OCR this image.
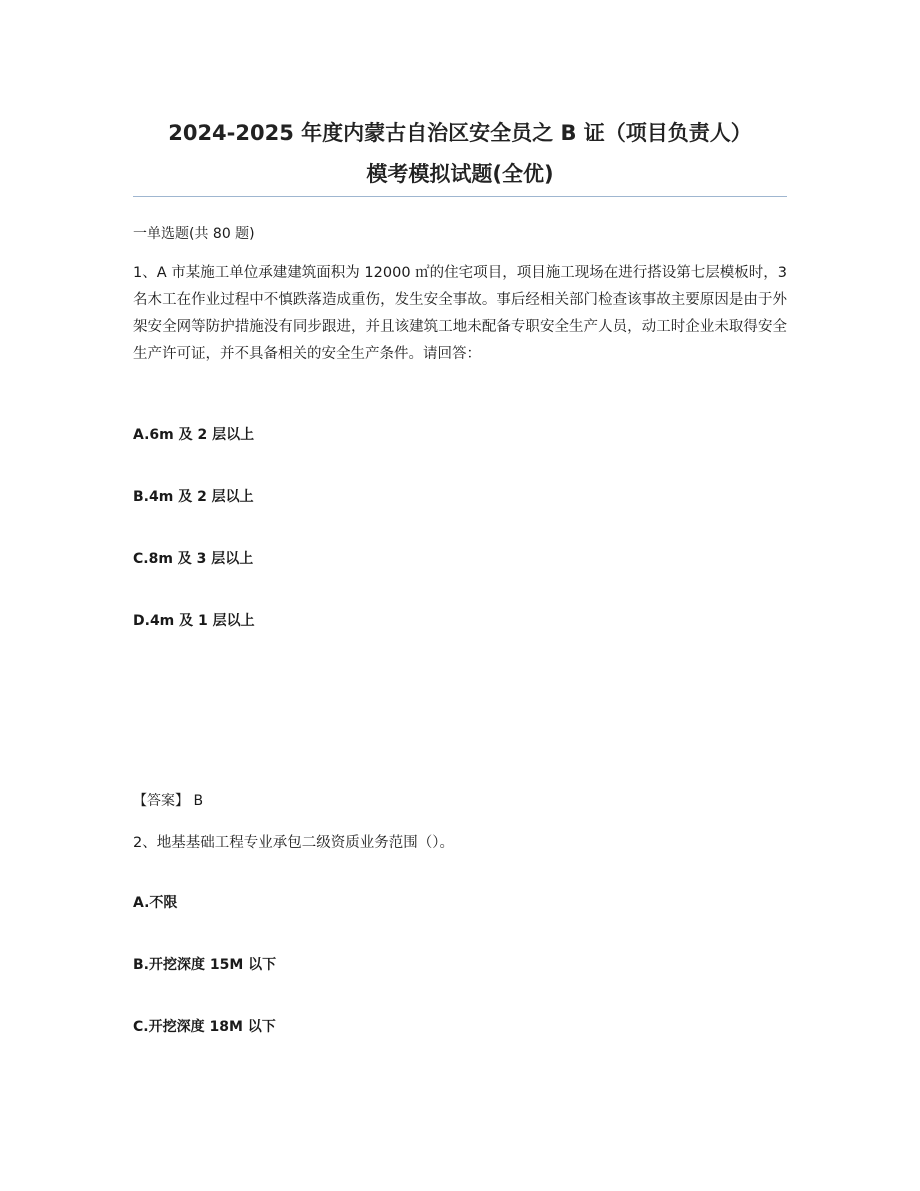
2024-2025 年度内蒙古自治区安全员之 B 证（项目负责人）
模考模拟试题(全优)
一单选题(共 80 题)
1、A 市某施工单位承建建筑面积为 12000 ㎡的住宅项目，项目施工现场在进行搭设第七层模板时，3 名木工在作业过程中不慎跌落造成重伤，发生安全事故。事后经相关部门检查该事故主要原因是由于外架安全网等防护措施没有同步跟进，并且该建筑工地未配备专职安全生产人员，动工时企业未取得安全生产许可证，并不具备相关的安全生产条件。请回答：
A.6m 及 2 层以上
B.4m 及 2 层以上
C.8m 及 3 层以上
D.4m 及 1 层以上
【答案】 B
2、地基基础工程专业承包二级资质业务范围（）。
A.不限
B.开挖深度 15M 以下
C.开挖深度 18M 以下
